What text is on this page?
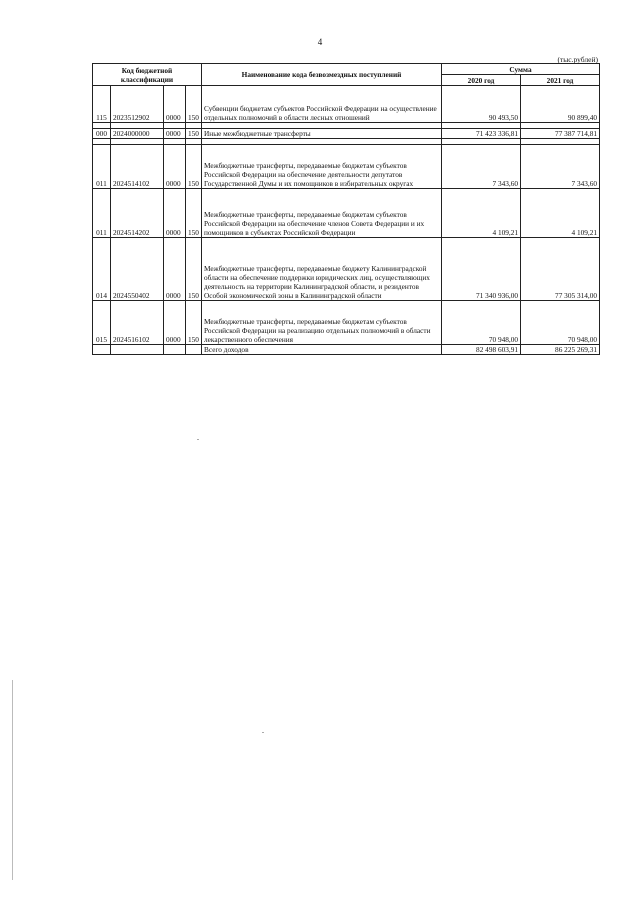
4
(тыс.рублей)
Код бюджетной классификации				Наименование кода безвозмездных поступлений	Сумма	
					2020 год	2021 год
115	2023512902	0000	150	Субвенции бюджетам субъектов Российской Федерации на осуществление отдельных полномочий в области лесных отношений	90 493,50	90 899,40

000	2024000000	0000	150	Иные межбюджетные трансферты	71 423 336,81	77 387 714,81

011	2024514102	0000	150	Межбюджетные трансферты, передаваемые бюджетам субъектов Российской Федерации на обеспечение деятельности депутатов Государственной Думы и их помощников в избирательных округах	7 343,60	7 343,60
011	2024514202	0000	150	Межбюджетные трансферты, передаваемые бюджетам субъектов Российской Федерации на обеспечение членов Совета Федерации и их помощников в субъектах Российской Федерации	4 109,21	4 109,21
014	2024550402	0000	150	Межбюджетные трансферты, передаваемые бюджету Калининградской области на обеспечение поддержки юридических лиц, осуществляющих деятельность на территории Калининградской области, и резидентов Особой экономической зоны в Калининградской области	71 340 936,00	77 305 314,00
015	2024516102	0000	150	Межбюджетные трансферты, передаваемые бюджетам субъектов Российской Федерации на реализацию отдельных полномочий в области лекарственного обеспечения	70 948,00	70 948,00
				Всего доходов	82 498 603,91	86 225 269,31
